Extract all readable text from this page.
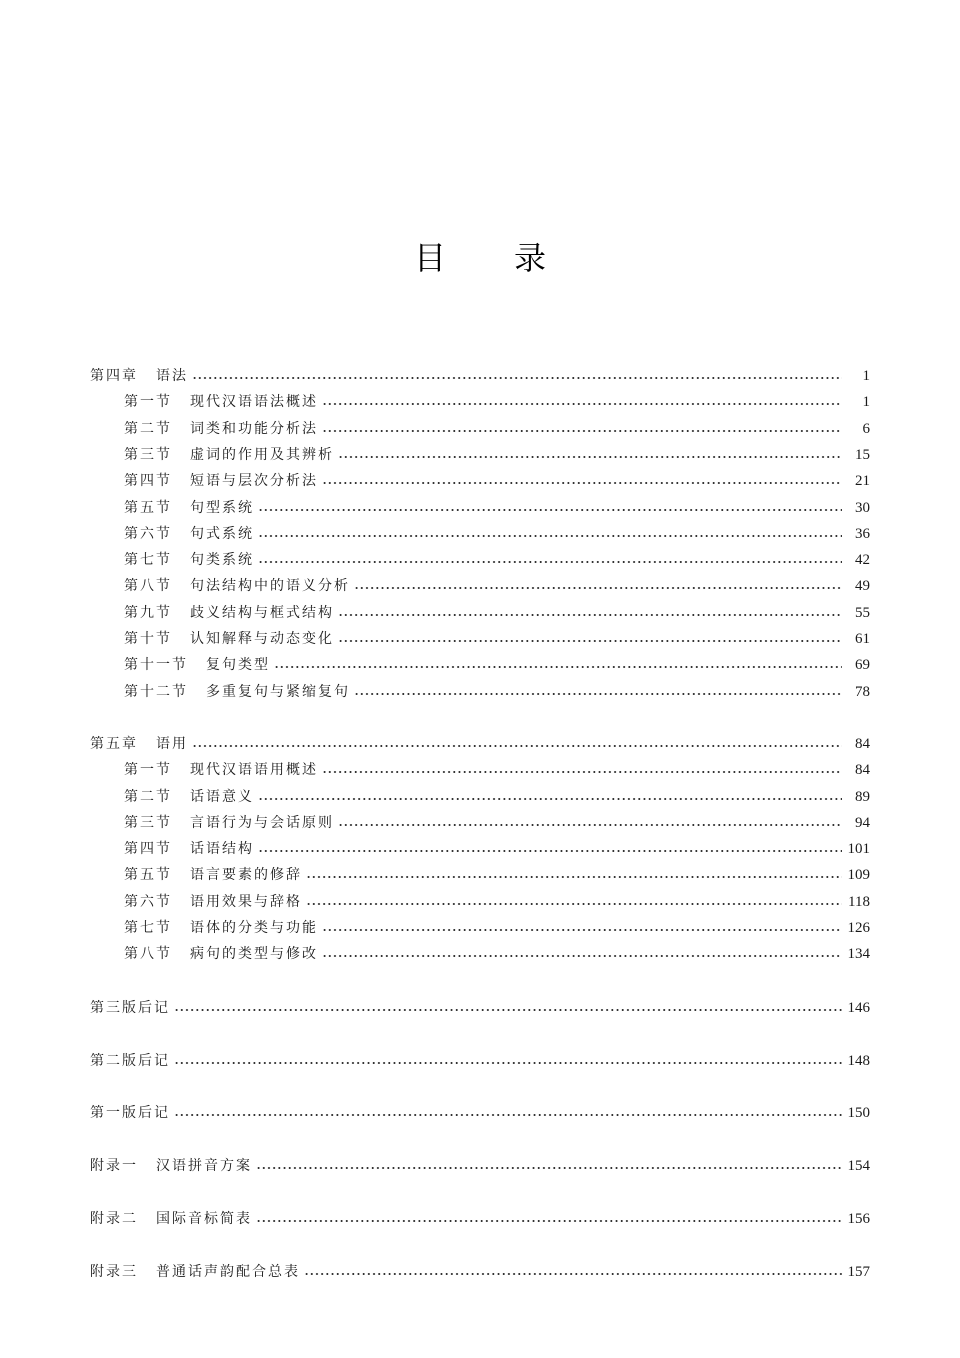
目 录
第四章 语法	1
第一节 现代汉语语法概述	1
第二节 词类和功能分析法	6
第三节 虚词的作用及其辨析	15
第四节 短语与层次分析法	21
第五节 句型系统	30
第六节 句式系统	36
第七节 句类系统	42
第八节 句法结构中的语义分析	49
第九节 歧义结构与框式结构	55
第十节 认知解释与动态变化	61
第十一节 复句类型	69
第十二节 多重复句与紧缩复句	78
第五章 语用	84
第一节 现代汉语语用概述	84
第二节 话语意义	89
第三节 言语行为与会话原则	94
第四节 话语结构	101
第五节 语言要素的修辞	109
第六节 语用效果与辞格	118
第七节 语体的分类与功能	126
第八节 病句的类型与修改	134
第三版后记	146
第二版后记	148
第一版后记	150
附录一 汉语拼音方案	154
附录二 国际音标简表	156
附录三 普通话声韵配合总表	157
